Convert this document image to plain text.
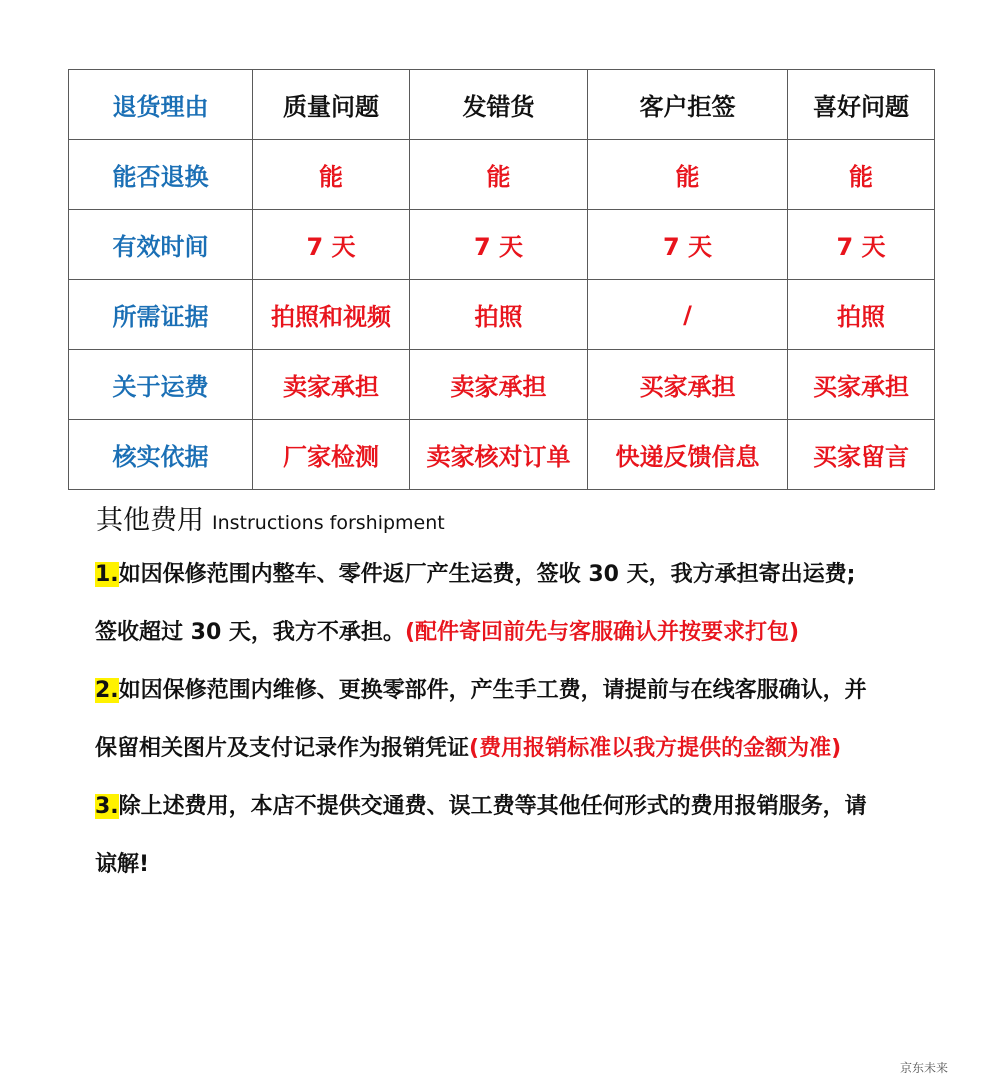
退货理由	质量问题	发错货	客户拒签	喜好问题
能否退换	能	能	能	能
有效时间	7 天	7 天	7 天	7 天
所需证据	拍照和视频	拍照	/	拍照
关于运费	卖家承担	卖家承担	买家承担	买家承担
核实依据	厂家检测	卖家核对订单	快递反馈信息	买家留言
其他费用 Instructions forshipment

1.如因保修范围内整车、零件返厂产生运费，签收 30 天，我方承担寄出运费;签收超过 30 天，我方不承担。(配件寄回前先与客服确认并按要求打包)

2.如因保修范围内维修、更换零部件，产生手工费，请提前与在线客服确认，并保留相关图片及支付记录作为报销凭证(费用报销标准以我方提供的金额为准)

3.除上述费用，本店不提供交通费、误工费等其他任何形式的费用报销服务，请谅解!

京东未来
